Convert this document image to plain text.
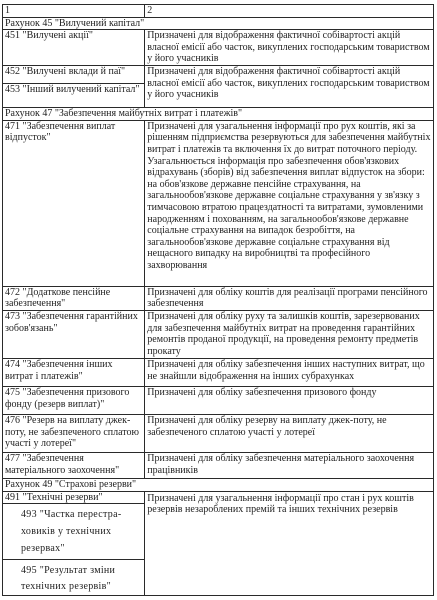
1	2
Рахунок 45 "Вилучений капітал"	
451 "Вилучені акції"	Призначені для відображення фактичної собівартості акцій власної емісії або часток, викуплених господарським товариством у його учасників
452 "Вилучені вклади й паї"	Призначені для відображення фактичної собівартості акцій власної емісії або часток, викуплених господарським товариством у його учасників
453 "Інший вилучений капітал"	
Рахунок 47 "Забезпечення майбутніх витрат і платежів"	
471 "Забезпечення виплат відпусток"	Призначені для узагальнення інформації про рух коштів, які за рішенням підприємства резервуються для забезпечення майбутніх витрат і платежів та включення їх до витрат поточного періоду. Узагальнюється інформація про забезпечення обов'язкових відрахувань (зборів) від забезпечення виплат відпусток на збори: на обов'язкове державне пенсійне страхування, на загальнообов'язкове державне соціальне страхування у зв'язку з тимчасовою втратою працездатності та витратами, зумовленими народженням і похованням, на загальнообов'язкове державне соціальне страхування на випадок безробіття, на загальнообов'язкове державне соціальне страхування від нещасного випадку на виробництві та професійного захворювання
472 "Додаткове пенсійне забезпечення"	Призначені для обліку коштів для реалізації програми пенсійного забезпечення
473 "Забезпечення гарантійних зобов'язань"	Призначені для обліку руху та залишків коштів, зарезервованих для забезпечення майбутніх витрат на проведення гарантійних ремонтів проданої продукції, на проведення ремонту предметів прокату
474 "Забезпечення інших витрат і платежів"	Призначені для обліку забезпечення інших наступних витрат, що не знайшли відображення на інших субрахунках
475 "Забезпечення призового фонду (резерв виплат)"	Призначені для обліку забезпечення призового фонду
476 "Резерв на виплату джек-поту, не забезпеченого сплатою участі у лотереї"	Призначені для обліку резерву на виплату джек-поту, не забезпеченого сплатою участі у лотереї
477 "Забезпечення матеріального заохочення"	Призначені для обліку забезпечення матеріального заохочення працівників
Рахунок 49 "Страхові резерви"	
491 "Технічні резерви"	Призначені для узагальнення інформації про стан і рух коштів резервів незароблених премій та інших технічних резервів

493 "Частка перестра-
ховиків у технічних
резервах"	

495 "Результат зміни
технічних резервів"	
